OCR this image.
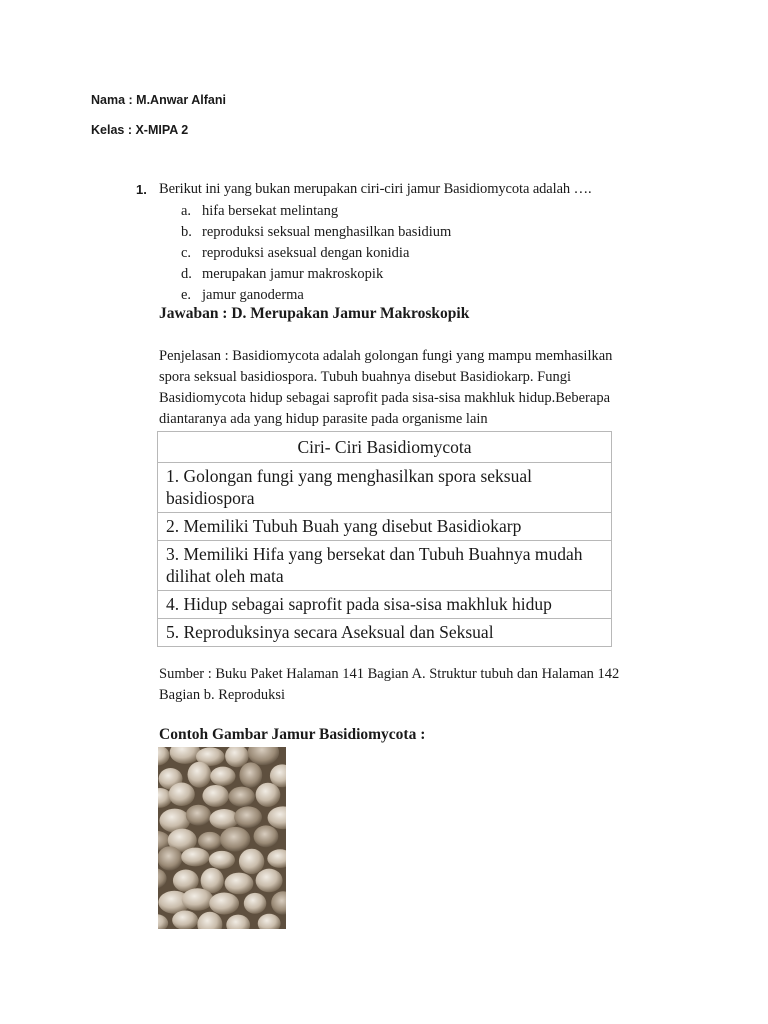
Nama : M.Anwar Alfani
Kelas : X-MIPA 2
1. Berikut ini yang bukan merupakan ciri-ciri jamur Basidiomycota adalah ….
a. hifa bersekat melintang
b. reproduksi seksual menghasilkan basidium
c. reproduksi aseksual dengan konidia
d. merupakan jamur makroskopik
e. jamur ganoderma
Jawaban : D. Merupakan Jamur Makroskopik
Penjelasan : Basidiomycota adalah golongan fungi yang mampu memhasilkan
spora seksual basidiospora. Tubuh buahnya disebut Basidiokarp. Fungi
Basidiomycota hidup sebagai saprofit pada sisa-sisa makhluk hidup.Beberapa
diantaranya ada yang hidup parasite pada organisme lain
Ciri- Ciri Basidiomycota
1. Golongan fungi yang menghasilkan spora seksual basidiospora
2. Memiliki Tubuh Buah yang disebut Basidiokarp
3. Memiliki Hifa yang bersekat dan Tubuh Buahnya mudah dilihat oleh mata
4. Hidup sebagai saprofit pada sisa-sisa makhluk hidup
5. Reproduksinya secara Aseksual dan Seksual
Sumber : Buku Paket Halaman 141 Bagian A. Struktur tubuh dan Halaman 142
Bagian b. Reproduksi
Contoh Gambar Jamur Basidiomycota :
